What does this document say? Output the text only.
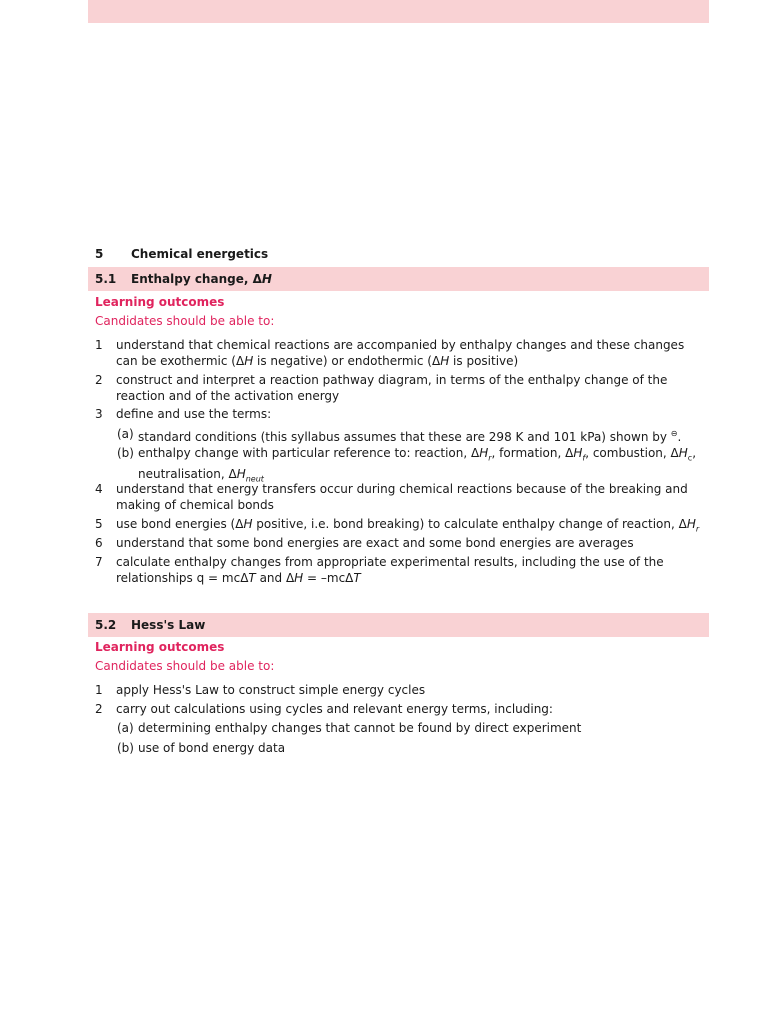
5 Chemical energetics
5.1 Enthalpy change, ΔH
Learning outcomes
Candidates should be able to:
1 understand that chemical reactions are accompanied by enthalpy changes and these changes can be exothermic (ΔH is negative) or endothermic (ΔH is positive)
2 construct and interpret a reaction pathway diagram, in terms of the enthalpy change of the reaction and of the activation energy
3 define and use the terms:
(a) standard conditions (this syllabus assumes that these are 298 K and 101 kPa) shown by ⊖.
(b) enthalpy change with particular reference to: reaction, $\Delta H_r$, formation, $\Delta H_f$, combustion, $\Delta H_c$, neutralisation, $\Delta H_{neut}$
4 understand that energy transfers occur during chemical reactions because of the breaking and making of chemical bonds
5 use bond energies (ΔH positive, i.e. bond breaking) to calculate enthalpy change of reaction, $\Delta H_r$
6 understand that some bond energies are exact and some bond energies are averages
7 calculate enthalpy changes from appropriate experimental results, including the use of the relationships q = mcΔT and ΔH = –mcΔT
5.2 Hess's Law
Learning outcomes
Candidates should be able to:
1 apply Hess's Law to construct simple energy cycles
2 carry out calculations using cycles and relevant energy terms, including:
(a) determining enthalpy changes that cannot be found by direct experiment
(b) use of bond energy data
